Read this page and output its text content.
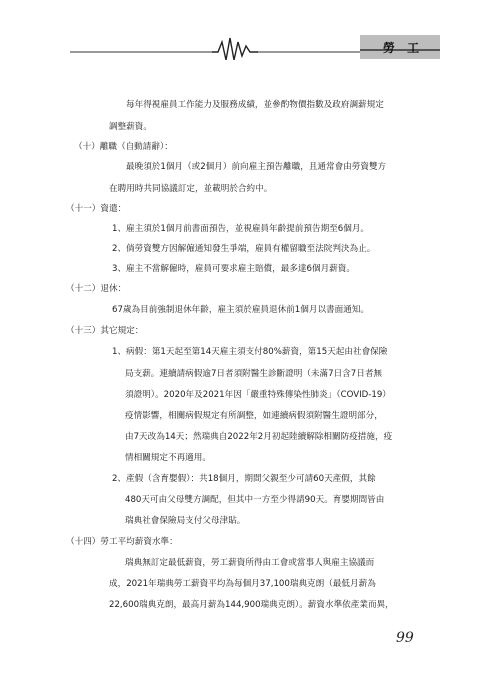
勞 工
每年得視雇員工作能力及服務成績，並參酌物價指數及政府調薪規定
調整薪資。
（十）離職（自動請辭）：
最晚須於1個月（或2個月）前向雇主預告離職，且通常會由勞資雙方
在聘用時共同協議訂定，並載明於合約中。
（十一）資遣：
1、雇主須於1個月前書面預告，並視雇員年齡提前預告期至6個月。
2、倘勞資雙方因解僱通知發生爭端，雇員有權留職至法院判決為止。
3、雇主不當解僱時，雇員可要求雇主賠償，最多達6個月薪資。
（十二）退休：
67歲為目前強制退休年齡，雇主須於雇員退休前1個月以書面通知。
（十三）其它規定：
1、病假：第1天起至第14天雇主須支付80%薪資，第15天起由社會保險
局支薪。連續請病假逾7日者須附醫生診斷證明（未滿7日含7日者無
須證明）。2020年及2021年因「嚴重特殊傳染性肺炎」（COVID-19）
疫情影響，相關病假規定有所調整，如連續病假須附醫生證明部分，
由7天改為14天；然瑞典自2022年2月初起陸續解除相關防疫措施，疫
情相關規定不再適用。
2、產假（含育嬰假）：共18個月，期間父親至少可請60天產假，其餘
480天可由父母雙方調配，但其中一方至少得請90天。育嬰期間皆由
瑞典社會保險局支付父母津貼。
（十四）勞工平均薪資水準：
瑞典無訂定最低薪資，勞工薪資所得由工會或當事人與雇主協議而
成，2021年瑞典勞工薪資平均為每個月37,100瑞典克朗（最低月薪為
22,600瑞典克朗，最高月薪為144,900瑞典克朗）。薪資水準依產業而異，
99
